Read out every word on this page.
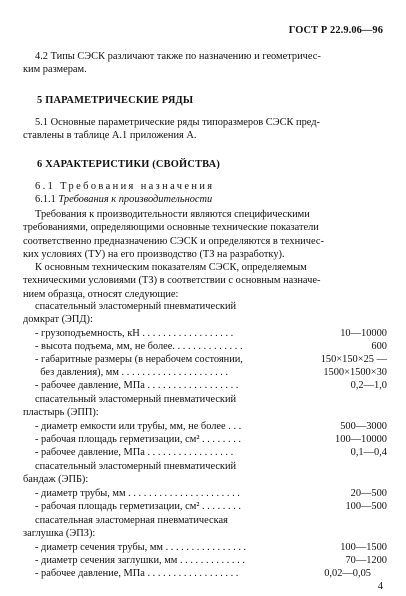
ГОСТ Р 22.9.06—96
4.2 Типы СЭСК различают также по назначению и геометричес-
ким размерам.
5 ПАРАМЕТРИЧЕСКИЕ РЯДЫ
5.1 Основные параметрические ряды типоразмеров СЭСК пред-
ставлены в таблице А.1 приложения А.
6 ХАРАКТЕРИСТИКИ (СВОЙСТВА)
6.1 Требования назначения
6.1.1 Требования к производительности
Требования к производительности являются специфическими
требованиями, определяющими основные технические показатели
соответственно предназначению СЭСК и определяются в техничес-
ких условиях (ТУ) на его производство (ТЗ на разработку).
К основным техническим показателям СЭСК, определяемым
техническими условиями (ТЗ) в соответствии с основным назначе-
нием образца, относят следующие:
спасательный эластомерный пневматический
домкрат (ЭПД):
- грузоподъемность, кН . . . . . . . . . . . . . . . . . .	10—10000
- высота подъема, мм, не более. . . . . . . . . . . . . .	600
- габаритные размеры (в нерабочем состоянии,	150×150×25 —
без давления), мм . . . . . . . . . . . . . . . . . . . . .	1500×1500×30
- рабочее давление, МПа . . . . . . . . . . . . . . . . . .	0,2—1,0
спасательный эластомерный пневматический
пластырь (ЭПП):
- диаметр емкости или трубы, мм, не более . . .	500—3000
- рабочая площадь герметизации, см² . . . . . . . .	100—10000
- рабочее давление, МПа . . . . . . . . . . . . . . . . .	0,1—0,4
спасательный эластомерный пневматический
бандаж (ЭПБ):
- диаметр трубы, мм . . . . . . . . . . . . . . . . . . . . . .	20—500
- рабочая площадь герметизации, см² . . . . . . . .	100—500
спасательная эластомерная пневматическая
заглушка (ЭПЗ):
- диаметр сечения трубы, мм . . . . . . . . . . . . . . . .	100—1500
- диаметр сечения заглушки, мм . . . . . . . . . . . . .	70—1200
- рабочее давление, МПа . . . . . . . . . . . . . . . . . .	0,02—0,05
4
